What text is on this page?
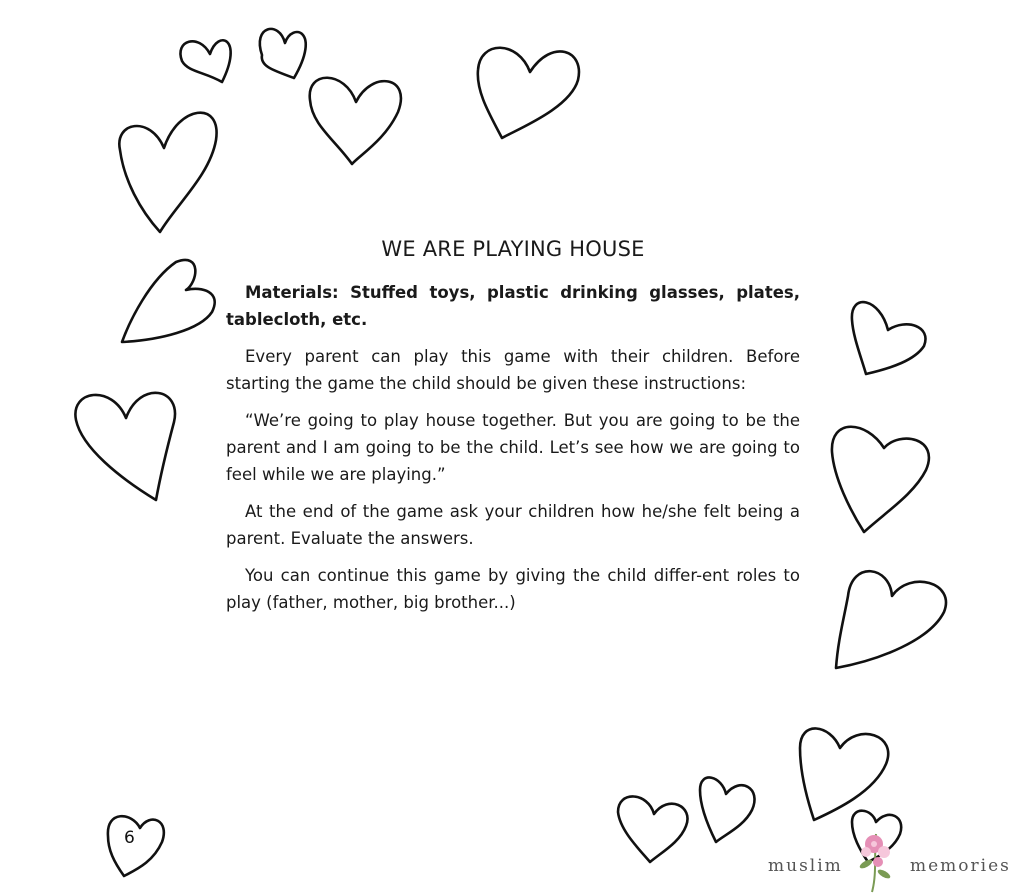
WE ARE PLAYING HOUSE

Materials: Stuffed toys, plastic drinking glasses, plates, tablecloth, etc.

Every parent can play this game with their children. Before starting the game the child should be given these instructions:

“We’re going to play house together. But you are going to be the parent and I am going to be the child. Let’s see how we are going to feel while we are playing.”

At the end of the game ask your children how he/she felt being a parent. Evaluate the answers.

You can continue this game by giving the child differ-ent roles to play (father, mother, big brother...)

6
muslim	memories
